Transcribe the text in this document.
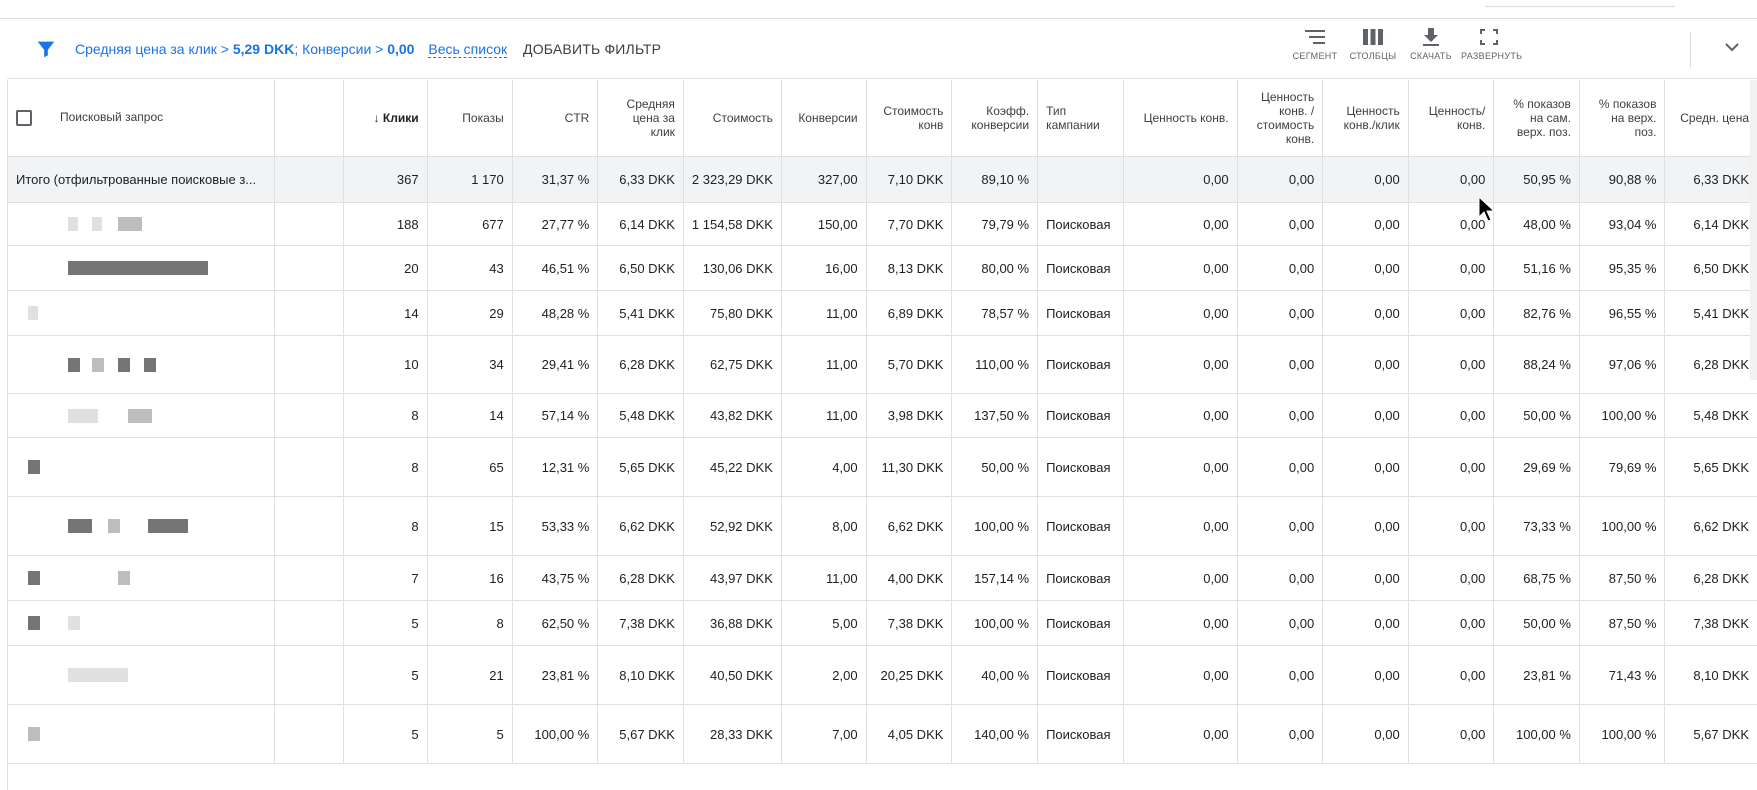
Средняя цена за клик > 5,29 DKK; Конверсии > 0,00 Весь список ДОБАВИТЬ ФИЛЬТР	СЕГМЕНТ	СТОЛБЦЫ	СКАЧАТЬ	РАЗВЕРНУТЬ
Поисковый запрос		↓ Клики	Показы	CTR	Средняя цена за клик	Стоимость	Конверсии	Стоимость конв	Коэфф. конверсии	Тип кампании	Ценность конв.	Ценность конв. / стоимость конв.	Ценность конв./клик	Ценность/ конв.	% показов на сам. верх. поз.	% показов на верх. поз.	Средн. цена
Итого (отфильтрованные поисковые з...		367	1 170	31,37 %	6,33 DKK	2 323,29 DKK	327,00	7,10 DKK	89,10 %		0,00	0,00	0,00	0,00	50,95 %	90,88 %	6,33 DKK

		188	677	27,77 %	6,14 DKK	1 154,58 DKK	150,00	7,70 DKK	79,79 %	Поисковая	0,00	0,00	0,00	0,00	48,00 %	93,04 %	6,14 DKK

		20	43	46,51 %	6,50 DKK	130,06 DKK	16,00	8,13 DKK	80,00 %	Поисковая	0,00	0,00	0,00	0,00	51,16 %	95,35 %	6,50 DKK

		14	29	48,28 %	5,41 DKK	75,80 DKK	11,00	6,89 DKK	78,57 %	Поисковая	0,00	0,00	0,00	0,00	82,76 %	96,55 %	5,41 DKK

		10	34	29,41 %	6,28 DKK	62,75 DKK	11,00	5,70 DKK	110,00 %	Поисковая	0,00	0,00	0,00	0,00	88,24 %	97,06 %	6,28 DKK

		8	14	57,14 %	5,48 DKK	43,82 DKK	11,00	3,98 DKK	137,50 %	Поисковая	0,00	0,00	0,00	0,00	50,00 %	100,00 %	5,48 DKK

		8	65	12,31 %	5,65 DKK	45,22 DKK	4,00	11,30 DKK	50,00 %	Поисковая	0,00	0,00	0,00	0,00	29,69 %	79,69 %	5,65 DKK

		8	15	53,33 %	6,62 DKK	52,92 DKK	8,00	6,62 DKK	100,00 %	Поисковая	0,00	0,00	0,00	0,00	73,33 %	100,00 %	6,62 DKK

		7	16	43,75 %	6,28 DKK	43,97 DKK	11,00	4,00 DKK	157,14 %	Поисковая	0,00	0,00	0,00	0,00	68,75 %	87,50 %	6,28 DKK

		5	8	62,50 %	7,38 DKK	36,88 DKK	5,00	7,38 DKK	100,00 %	Поисковая	0,00	0,00	0,00	0,00	50,00 %	87,50 %	7,38 DKK

		5	21	23,81 %	8,10 DKK	40,50 DKK	2,00	20,25 DKK	40,00 %	Поисковая	0,00	0,00	0,00	0,00	23,81 %	71,43 %	8,10 DKK

		5	5	100,00 %	5,67 DKK	28,33 DKK	7,00	4,05 DKK	140,00 %	Поисковая	0,00	0,00	0,00	0,00	100,00 %	100,00 %	5,67 DKK
